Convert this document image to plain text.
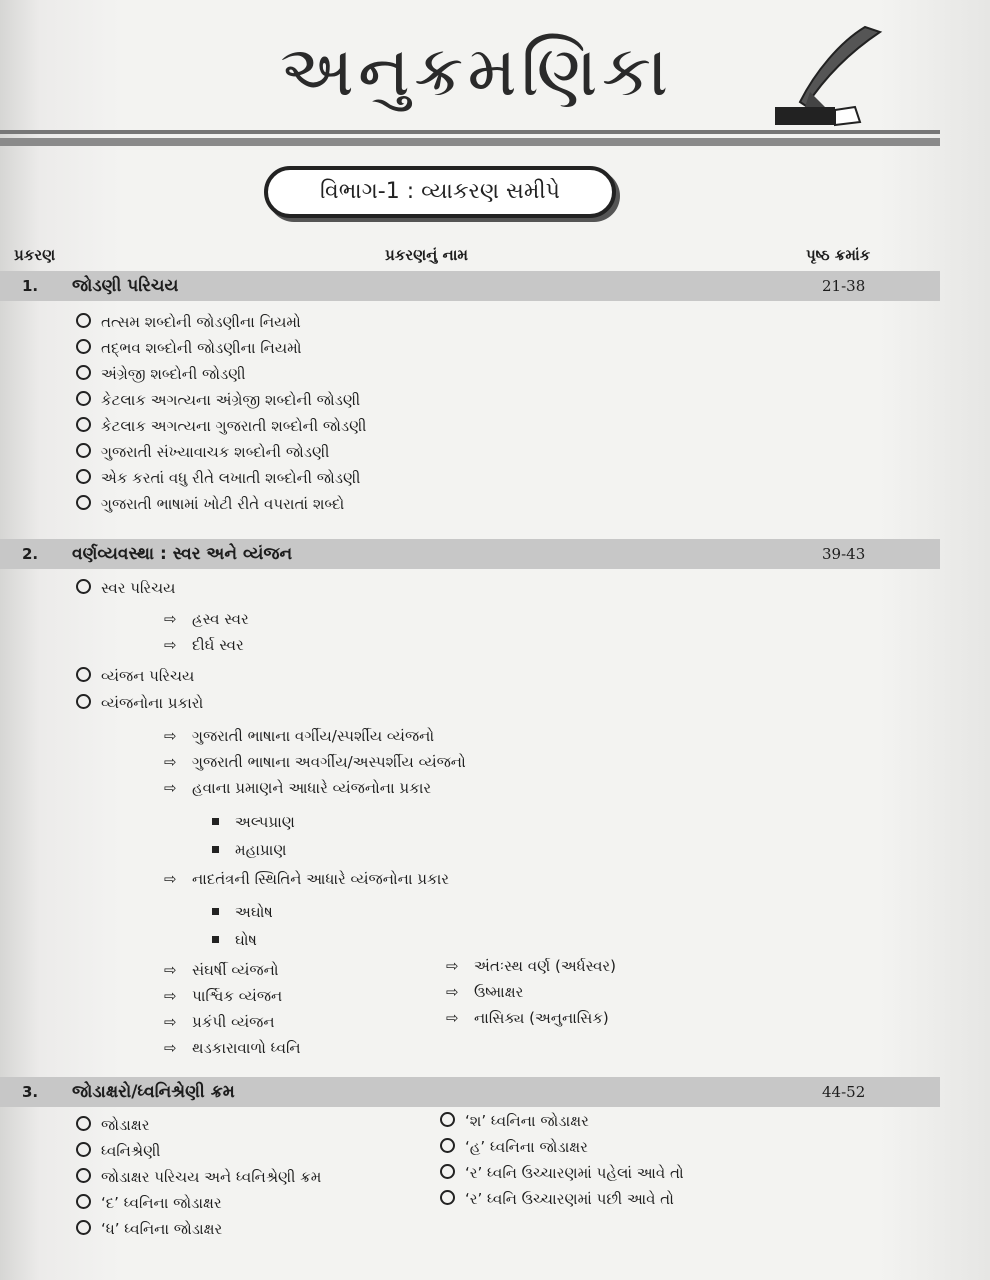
અનુક્રમણિકા
વિભાગ-1 : વ્યાકરણ સમીપે
પ્રકરણ	પ્રકરણનું નામ	પૃષ્ઠ ક્રમાંક
1. જોડણી પરિચય	21-38
તત્સમ શબ્દોની જોડણીના નિયમો
તદ્‌ભવ શબ્દોની જોડણીના નિયમો
અંગ્રેજી શબ્દોની જોડણી
કેટલાક અગત્યના અંગ્રેજી શબ્દોની જોડણી
કેટલાક અગત્યના ગુજરાતી શબ્દોની જોડણી
ગુજરાતી સંખ્યાવાચક શબ્દોની જોડણી
એક કરતાં વધુ રીતે લખાતી શબ્દોની જોડણી
ગુજરાતી ભાષામાં ખોટી રીતે વપરાતાં શબ્દો
2. વર્ણવ્યવસ્થા : સ્વર અને વ્યંજન	39-43
સ્વર પરિચય
⇨ હ્રસ્વ સ્વર
⇨ દીર્ઘ સ્વર
વ્યંજન પરિચય
વ્યંજનોના પ્રકારો
⇨ ગુજરાતી ભાષાના વર્ગીય/સ્પર્શીય વ્યંજનો
⇨ ગુજરાતી ભાષાના અવર્ગીય/અસ્પર્શીય વ્યંજનો
⇨ હવાના પ્રમાણને આધારે વ્યંજનોના પ્રકાર
અલ્પપ્રાણ
મહાપ્રાણ
⇨ નાદતંત્રની સ્થિતિને આધારે વ્યંજનોના પ્રકાર
અઘોષ
ઘોષ
⇨ સંઘર્ષી વ્યંજનો
⇨ પાર્શ્વિક વ્યંજન
⇨ પ્રકંપી વ્યંજન
⇨ થડકારાવાળો ધ્વનિ
⇨ અંતઃસ્થ વર્ણ (અર્ધસ્વર)
⇨ ઉષ્માક્ષર
⇨ નાસિક્ય (અનુનાસિક)
3. જોડાક્ષરો/ધ્વનિશ્રેણી ક્રમ	44-52
જોડાક્ષર
ધ્વનિશ્રેણી
જોડાક્ષર પરિચય અને ધ્વનિશ્રેણી ક્રમ
‘દ’ ધ્વનિના જોડાક્ષર
‘ધ’ ધ્વનિના જોડાક્ષર
‘શ’ ધ્વનિના જોડાક્ષર
‘હ’ ધ્વનિના જોડાક્ષર
‘ર’ ધ્વનિ ઉચ્ચારણમાં પહેલાં આવે તો
‘ર’ ધ્વનિ ઉચ્ચારણમાં પછી આવે તો
